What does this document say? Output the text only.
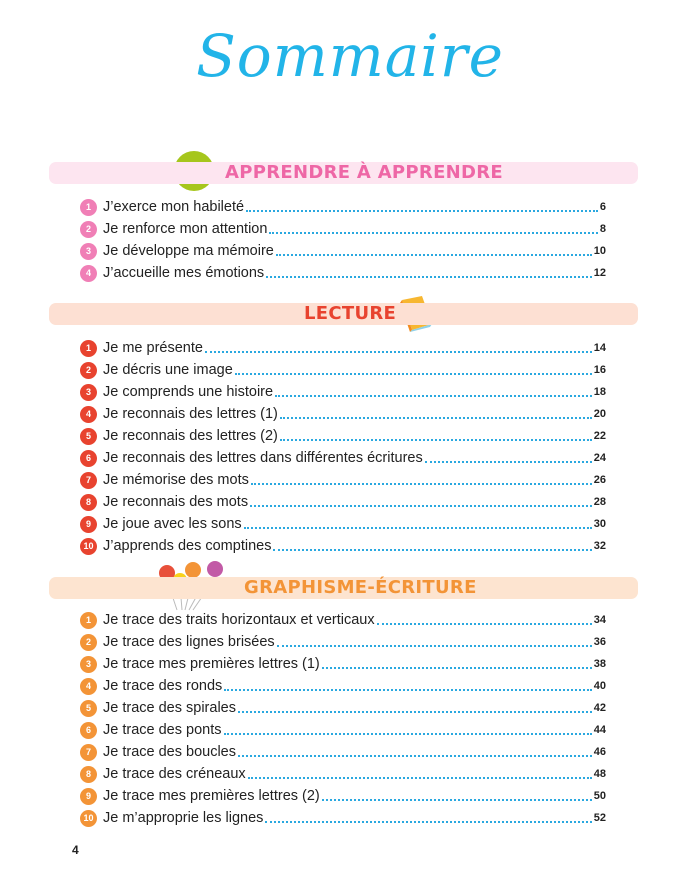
Sommaire
APPRENDRE À APPRENDRE
1 J’exerce mon habileté	6
2 Je renforce mon attention	8
3 Je développe ma mémoire	10
4 J’accueille mes émotions	12
LECTURE
1 Je me présente	14
2 Je décris une image	16
3 Je comprends une histoire	18
4 Je reconnais des lettres (1)	20
5 Je reconnais des lettres (2)	22
6 Je reconnais des lettres dans différentes écritures	24
7 Je mémorise des mots	26
8 Je reconnais des mots	28
9 Je joue avec les sons	30
10 J’apprends des comptines	32
GRAPHISME-ÉCRITURE
1 Je trace des traits horizontaux et verticaux	34
2 Je trace des lignes brisées	36
3 Je trace mes premières lettres (1)	38
4 Je trace des ronds	40
5 Je trace des spirales	42
6 Je trace des ponts	44
7 Je trace des boucles	46
8 Je trace des créneaux	48
9 Je trace mes premières lettres (2)	50
10 Je m’approprie les lignes	52
4
